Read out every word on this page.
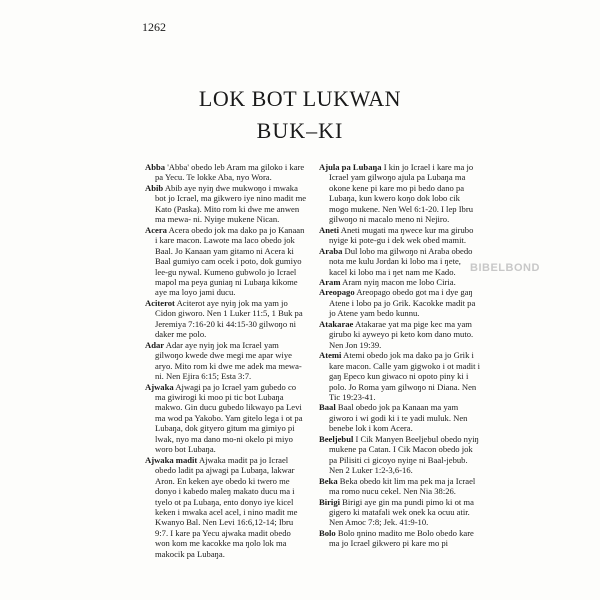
1262
LOK BOT LUKWAN
BUK–KI
BIBELBOND
Abba 'Abba' obedo leb Aram ma giloko i kare pa Yecu. Te lokke Aba, nyo Wora.
Abib Abib aye nyiŋ dwe mukwoŋo i mwaka bot jo Icrael, ma gikwero iye nino madit me Kato (Paska). Mito rom ki dwe me anwen ma mewa- ni. Nyiŋe mukene Nican.
Acera Acera obedo jok ma dako pa jo Kanaan i kare macon. Lawote ma laco obedo jok Baal. Jo Kanaan yam gitamo ni Acera ki Baal gumiyo cam ocek i poto, dok gumiyo lee-gu nywal. Kumeno gubwolo jo Icrael mapol ma peya guniaŋ ni Lubaŋa kikome aye ma loyo jami ducu.
Aciterot Aciterot aye nyiŋ jok ma yam jo Cidon giworo. Nen 1 Luker 11:5, 1 Buk pa Jeremiya 7:16-20 ki 44:15-30 gilwoŋo ni daker me polo.
Adar Adar aye nyiŋ jok ma Icrael yam gilwoŋo kwede dwe megi me apar wiye aryo. Mito rom ki dwe me adek ma mewa-ni. Nen Ejira 6:15; Esta 3:7.
Ajwaka Ajwagi pa jo Icrael yam gubedo co ma giwirogi ki moo pi tic bot Lubaŋa makwo. Gin ducu gubedo likwayo pa Levi ma wod pa Yakobo. Yam gitelo lega i ot pa Lubaŋa, dok gityero gitum ma gimiyo pi lwak, nyo ma dano mo-ni okelo pi miyo woro bot Lubaŋa.
Ajwaka madit Ajwaka madit pa jo Icrael obedo ladit pa ajwagi pa Lubaŋa, lakwar Aron. En keken aye obedo ki twero me donyo i kabedo maleŋ makato ducu ma i tyelo ot pa Lubaŋa, ento donyo iye kicel keken i mwaka acel acel, i nino madit me Kwanyo Bal. Nen Levi 16:6,12-14; Ibru 9:7. I kare pa Yecu ajwaka madit obedo won kom me kacokke ma ŋolo lok ma makocik pa Lubaŋa.
Ajula pa Lubaŋa I kin jo Icrael i kare ma jo Icrael yam gilwoŋo ajula pa Lubaŋa ma okone kene pi kare mo pi bedo dano pa Lubaŋa, kun kwero koŋo dok lobo cik mogo mukene. Nen Wel 6:1-20. I lep Ibru gilwoŋo ni macalo meno ni Nejiro.
Aneti Aneti mugati ma ŋwece kur ma girubo nyige ki pote-gu i dek wek obed mamit.
Araba Dul lobo ma gilwoŋo ni Araba obedo nota me kulu Jordan ki lobo ma i ŋete, kacel ki lobo ma i ŋet nam me Kado.
Aram Aram nyiŋ macon me lobo Ciria.
Areopago Areopago obedo got ma i dye gaŋ Atene i lobo pa jo Grik. Kacokke madit pa jo Atene yam bedo kunnu.
Atakarae Atakarae yat ma pige kec ma yam girubo ki ayweyo pi keto kom dano muto. Nen Jon 19:39.
Atemi Atemi obedo jok ma dako pa jo Grik i kare macon. Calle yam gigwoko i ot madit i gaŋ Epeco kun giwaco ni opoto piny ki i polo. Jo Roma yam gilwoŋo ni Diana. Nen Tic 19:23-41.
Baal Baal obedo jok pa Kanaan ma yam giworo i wi godi ki i te yadi muluk. Nen benebe lok i kom Acera.
Beeljebul I Cik Manyen Beeljebul obedo nyiŋ mukene pa Catan. I Cik Macon obedo jok pa Pilisiti ci gicoyo nyiŋe ni Baal-jebub. Nen 2 Luker 1:2-3,6-16.
Beka Beka obedo kit lim ma pek ma ja Icrael ma romo nucu cekel. Nen Nia 38:26.
Birigi Birigi aye gin ma pundi pimo ki ot ma gigero ki matafali wek onek ka ocuu atir. Nen Amoc 7:8; Jek. 41:9-10.
Bolo Bolo ŋnino madito me Bolo obedo kare ma jo Icrael gikwero pi kare mo pi
